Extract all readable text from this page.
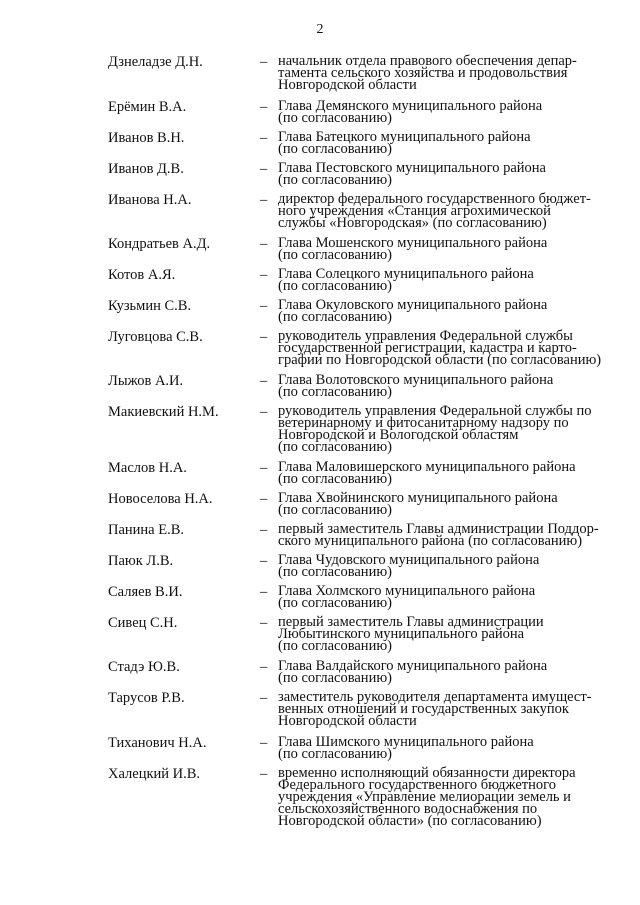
2
Дзнеладзе Д.Н.	– начальник отдела правового обеспечения депар-
тамента сельского хозяйства и продовольствия
Новгородской области
Ерёмин В.А.	– Глава Демянского муниципального района
(по согласованию)
Иванов В.Н.	– Глава Батецкого муниципального района
(по согласованию)
Иванов Д.В.	– Глава Пестовского муниципального района
(по согласованию)
Иванова Н.А.	– директор федерального государственного бюджет-
ного учреждения «Станция агрохимической
службы «Новгородская» (по согласованию)
Кондратьев А.Д.	– Глава Мошенского муниципального района
(по согласованию)
Котов А.Я.	– Глава Солецкого муниципального района
(по согласованию)
Кузьмин С.В.	– Глава Окуловского муниципального района
(по согласованию)
Луговцова С.В.	– руководитель управления Федеральной службы
государственной регистрации, кадастра и карто-
графии по Новгородской области (по согласованию)
Лыжов А.И.	– Глава Волотовского муниципального района
(по согласованию)
Макиевский Н.М.	– руководитель управления Федеральной службы по
ветеринарному и фитосанитарному надзору по
Новгородской и Вологодской областям
(по согласованию)
Маслов Н.А.	– Глава Маловишерского муниципального района
(по согласованию)
Новоселова Н.А.	– Глава Хвойнинского муниципального района
(по согласованию)
Панина Е.В.	– первый заместитель Главы администрации Поддор-
ского муниципального района (по согласованию)
Паюк Л.В.	– Глава Чудовского муниципального района
(по согласованию)
Саляев В.И.	– Глава Холмского муниципального района
(по согласованию)
Сивец С.Н.	– первый заместитель Главы администрации
Любытинского муниципального района
(по согласованию)
Стадэ Ю.В.	– Глава Валдайского муниципального района
(по согласованию)
Тарусов Р.В.	– заместитель руководителя департамента имущест-
венных отношений и государственных закупок
Новгородской области
Тиханович Н.А.	– Глава Шимского муниципального района
(по согласованию)
Халецкий И.В.	– временно исполняющий обязанности директора
Федерального государственного бюджетного
учреждения «Управление мелиорации земель и
сельскохозяйственного водоснабжения по
Новгородской области» (по согласованию)
